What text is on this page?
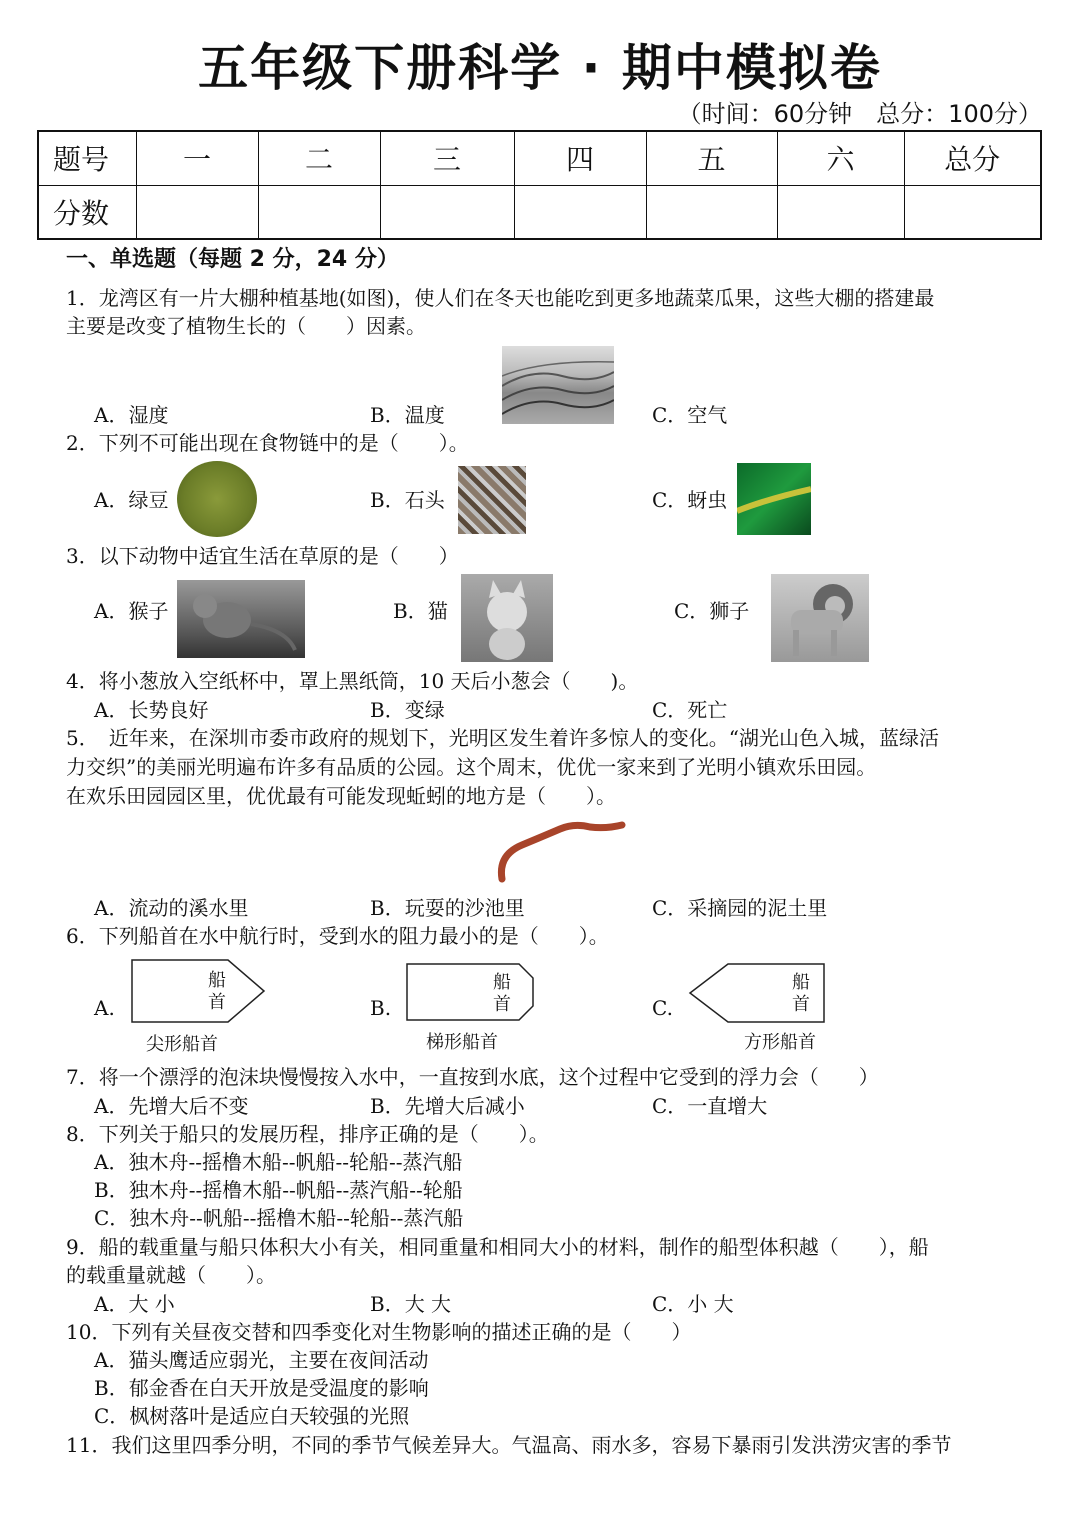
五年级下册科学 · 期中模拟卷
（时间：60分钟　总分：100分）
题号	一	二	三	四	五	六	总分
分数							
一、单选题（每题 2 分，24 分）
1．龙湾区有一片大棚种植基地(如图)，使人们在冬天也能吃到更多地蔬菜瓜果，这些大棚的搭建最
主要是改变了植物生长的（　　）因素。
A．湿度	B．温度	C．空气
2．下列不可能出现在食物链中的是（　　）。
A．绿豆	B．石头	C．蚜虫
3．以下动物中适宜生活在草原的是（　　）
A．猴子	B．猫	C．狮子
4．将小葱放入空纸杯中，罩上黑纸筒，10 天后小葱会（　　)。
A．长势良好	B．变绿	C．死亡
5．　近年来，在深圳市委市政府的规划下，光明区发生着许多惊人的变化。“湖光山色入城，蓝绿活
力交织”的美丽光明遍布许多有品质的公园。这个周末，优优一家来到了光明小镇欢乐田园。
在欢乐田园园区里，优优最有可能发现蚯蚓的地方是（　　）。
A．流动的溪水里	B．玩耍的沙池里	C．采摘园的泥土里
6．下列船首在水中航行时，受到水的阻力最小的是（　　）。
A.
船
首
尖形船首
B.
船
首
梯形船首
C.
船
首
方形船首
7．将一个漂浮的泡沫块慢慢按入水中，一直按到水底，这个过程中它受到的浮力会（　　）
A．先增大后不变	B．先增大后减小	C．一直增大
8．下列关于船只的发展历程，排序正确的是（　　）。
A．独木舟--摇橹木船--帆船--轮船--蒸汽船
B．独木舟--摇橹木船--帆船--蒸汽船--轮船
C．独木舟--帆船--摇橹木船--轮船--蒸汽船
9．船的载重量与船只体积大小有关，相同重量和相同大小的材料，制作的船型体积越（　　），船
的载重量就越（　　）。
A．大 小	B．大 大	C．小 大
10．下列有关昼夜交替和四季变化对生物影响的描述正确的是（　　）
A．猫头鹰适应弱光，主要在夜间活动
B．郁金香在白天开放是受温度的影响
C．枫树落叶是适应白天较强的光照
11．我们这里四季分明，不同的季节气候差异大。气温高、雨水多，容易下暴雨引发洪涝灾害的季节
